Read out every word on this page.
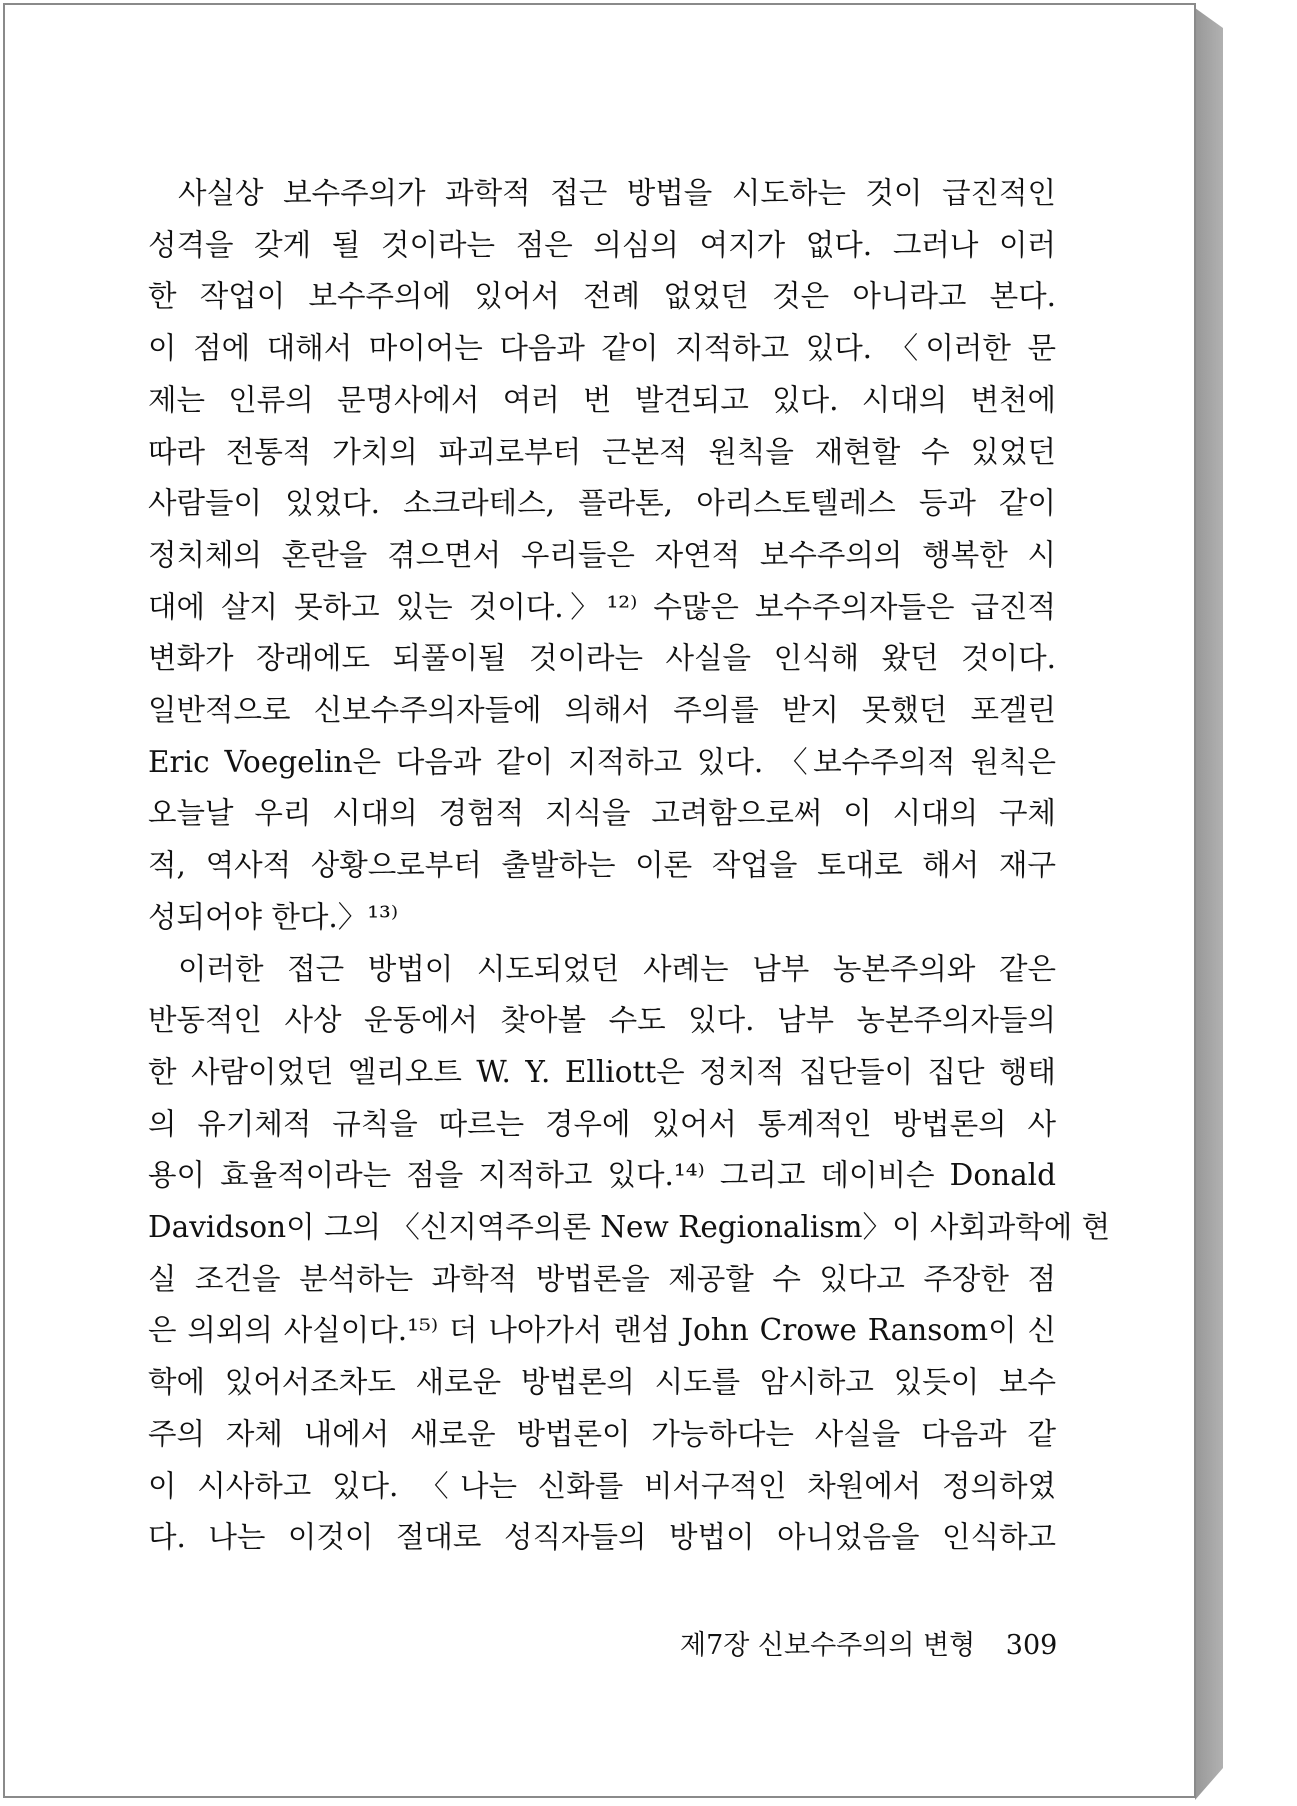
사실상 보수주의가 과학적 접근 방법을 시도하는 것이 급진적인
성격을 갖게 될 것이라는 점은 의심의 여지가 없다. 그러나 이러
한 작업이 보수주의에 있어서 전례 없었던 것은 아니라고 본다.
이 점에 대해서 마이어는 다음과 같이 지적하고 있다. 〈이러한 문
제는 인류의 문명사에서 여러 번 발견되고 있다. 시대의 변천에
따라 전통적 가치의 파괴로부터 근본적 원칙을 재현할 수 있었던
사람들이 있었다. 소크라테스, 플라톤, 아리스토텔레스 등과 같이
정치체의 혼란을 겪으면서 우리들은 자연적 보수주의의 행복한 시
대에 살지 못하고 있는 것이다.〉¹²⁾ 수많은 보수주의자들은 급진적
변화가 장래에도 되풀이될 것이라는 사실을 인식해 왔던 것이다.
일반적으로 신보수주의자들에 의해서 주의를 받지 못했던 포겔린
Eric Voegelin은 다음과 같이 지적하고 있다. 〈보수주의적 원칙은
오늘날 우리 시대의 경험적 지식을 고려함으로써 이 시대의 구체
적, 역사적 상황으로부터 출발하는 이론 작업을 토대로 해서 재구
성되어야 한다.〉¹³⁾
이러한 접근 방법이 시도되었던 사례는 남부 농본주의와 같은
반동적인 사상 운동에서 찾아볼 수도 있다. 남부 농본주의자들의
한 사람이었던 엘리오트 W. Y. Elliott은 정치적 집단들이 집단 행태
의 유기체적 규칙을 따르는 경우에 있어서 통계적인 방법론의 사
용이 효율적이라는 점을 지적하고 있다.¹⁴⁾ 그리고 데이비슨 Donald
Davidson이 그의 〈신지역주의론 New Regionalism〉이 사회과학에 현
실 조건을 분석하는 과학적 방법론을 제공할 수 있다고 주장한 점
은 의외의 사실이다.¹⁵⁾ 더 나아가서 랜섬 John Crowe Ransom이 신
학에 있어서조차도 새로운 방법론의 시도를 암시하고 있듯이 보수
주의 자체 내에서 새로운 방법론이 가능하다는 사실을 다음과 같
이 시사하고 있다. 〈나는 신화를 비서구적인 차원에서 정의하였
다. 나는 이것이 절대로 성직자들의 방법이 아니었음을 인식하고
제7장 신보수주의의 변형 309
